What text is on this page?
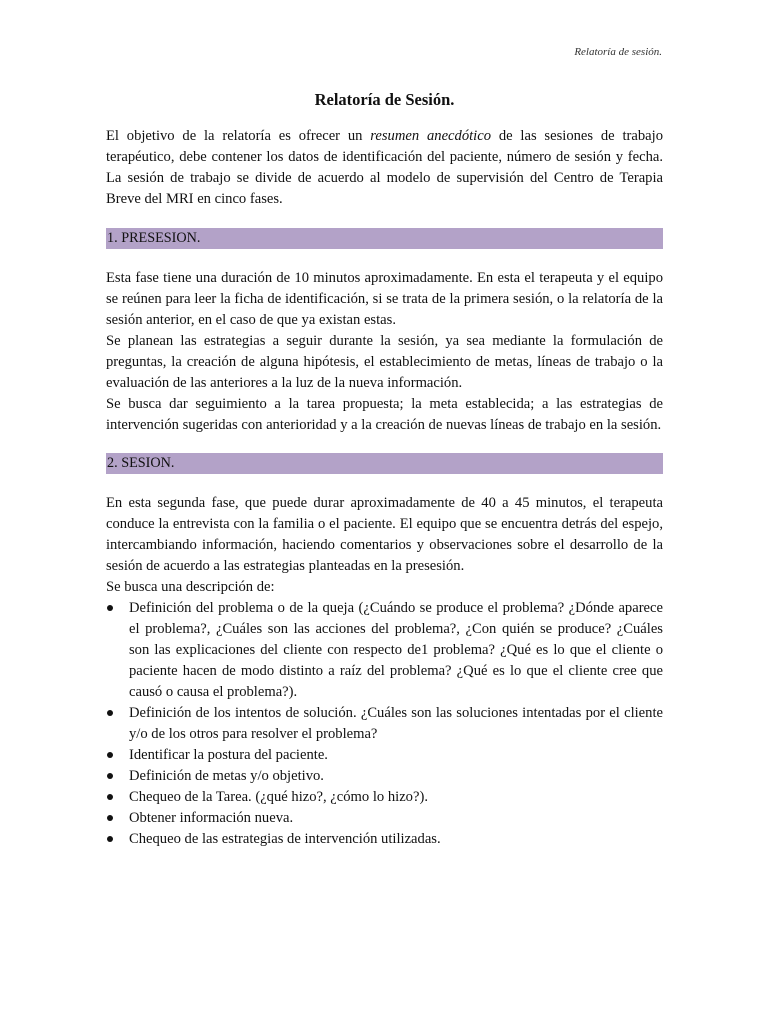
Relatoría de sesión.
Relatoría de Sesión.

El objetivo de la relatoría es ofrecer un resumen anecdótico de las sesiones de trabajo terapéutico, debe contener los datos de identificación del paciente, número de sesión y fecha. La sesión de trabajo se divide de acuerdo al modelo de supervisión del Centro de Terapia Breve del MRI en cinco fases.

1. PRESESION.

Esta fase tiene una duración de 10 minutos aproximadamente. En esta el terapeuta y el equipo se reúnen para leer la ficha de identificación, si se trata de la primera sesión, o la relatoría de la sesión anterior, en el caso de que ya existan estas.

Se planean las estrategias a seguir durante la sesión, ya sea mediante la formulación de preguntas, la creación de alguna hipótesis, el establecimiento de metas, líneas de trabajo o la evaluación de las anteriores a la luz de la nueva información.

Se busca dar seguimiento a la tarea propuesta; la meta establecida; a las estrategias de intervención sugeridas con anterioridad y a la creación de nuevas líneas de trabajo en la sesión.

2. SESION.

En esta segunda fase, que puede durar aproximadamente de 40 a 45 minutos, el terapeuta conduce la entrevista con la familia o el paciente. El equipo que se encuentra detrás del espejo, intercambiando información, haciendo comentarios y observaciones sobre el desarrollo de la sesión de acuerdo a las estrategias planteadas en la presesión.

Se busca una descripción de:

Definición del problema o de la queja (¿Cuándo se produce el problema? ¿Dónde aparece el problema?, ¿Cuáles son las acciones del problema?, ¿Con quién se produce? ¿Cuáles son las explicaciones del cliente con respecto de1 problema? ¿Qué es lo que el cliente o paciente hacen de modo distinto a raíz del problema? ¿Qué es lo que el cliente cree que causó o causa el problema?).
Definición de los intentos de solución. ¿Cuáles son las soluciones intentadas por el cliente y/o de los otros para resolver el problema?
Identificar la postura del paciente.
Definición de metas y/o objetivo.
Chequeo de la Tarea. (¿qué hizo?, ¿cómo lo hizo?).
Obtener información nueva.
Chequeo de las estrategias de intervención utilizadas.
